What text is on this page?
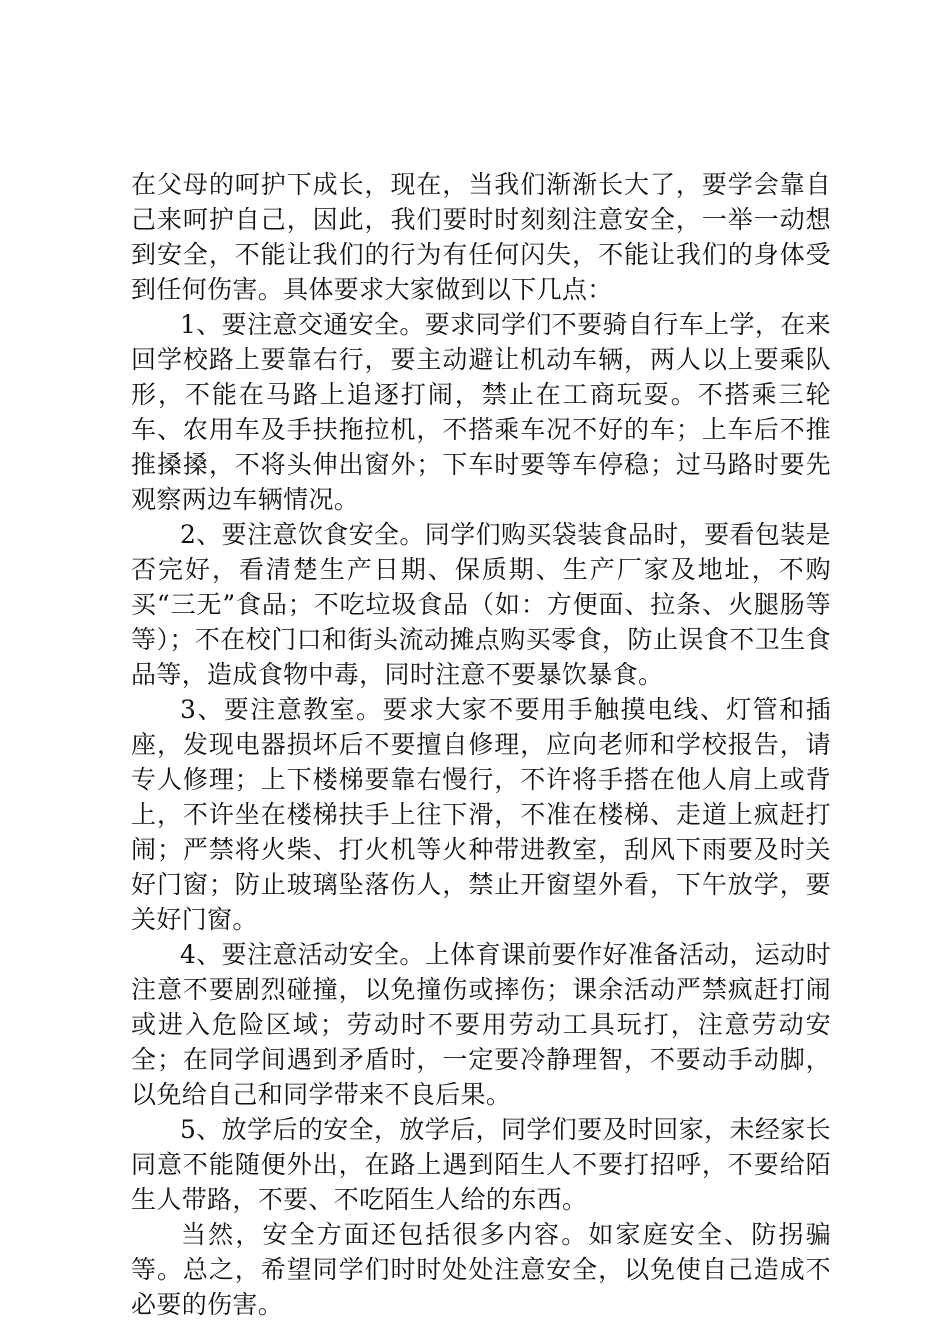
在父母的呵护下成长，现在，当我们渐渐长大了，要学会靠自己来呵护自己，因此，我们要时时刻刻注意安全，一举一动想到安全，不能让我们的行为有任何闪失，不能让我们的身体受到任何伤害。具体要求大家做到以下几点：

1、要注意交通安全。要求同学们不要骑自行车上学，在来回学校路上要靠右行，要主动避让机动车辆，两人以上要乘队形，不能在马路上追逐打闹，禁止在工商玩耍。不搭乘三轮车、农用车及手扶拖拉机，不搭乘车况不好的车；上车后不推推搡搡，不将头伸出窗外；下车时要等车停稳；过马路时要先观察两边车辆情况。

2、要注意饮食安全。同学们购买袋装食品时，要看包装是否完好，看清楚生产日期、保质期、生产厂家及地址，不购买“三无”食品；不吃垃圾食品（如：方便面、拉条、火腿肠等等）；不在校门口和街头流动摊点购买零食，防止误食不卫生食品等，造成食物中毒，同时注意不要暴饮暴食。

3、要注意教室。要求大家不要用手触摸电线、灯管和插座，发现电器损坏后不要擅自修理，应向老师和学校报告，请专人修理；上下楼梯要靠右慢行，不许将手搭在他人肩上或背上，不许坐在楼梯扶手上往下滑，不准在楼梯、走道上疯赶打闹；严禁将火柴、打火机等火种带进教室，刮风下雨要及时关好门窗；防止玻璃坠落伤人，禁止开窗望外看，下午放学，要关好门窗。

4、要注意活动安全。上体育课前要作好准备活动，运动时注意不要剧烈碰撞，以免撞伤或摔伤；课余活动严禁疯赶打闹或进入危险区域；劳动时不要用劳动工具玩打，注意劳动安全；在同学间遇到矛盾时，一定要冷静理智，不要动手动脚，以免给自己和同学带来不良后果。

5、放学后的安全，放学后，同学们要及时回家，未经家长同意不能随便外出，在路上遇到陌生人不要打招呼，不要给陌生人带路，不要、不吃陌生人给的东西。

当然，安全方面还包括很多内容。如家庭安全、防拐骗等。总之，希望同学们时时处处注意安全，以免使自己造成不必要的伤害。
